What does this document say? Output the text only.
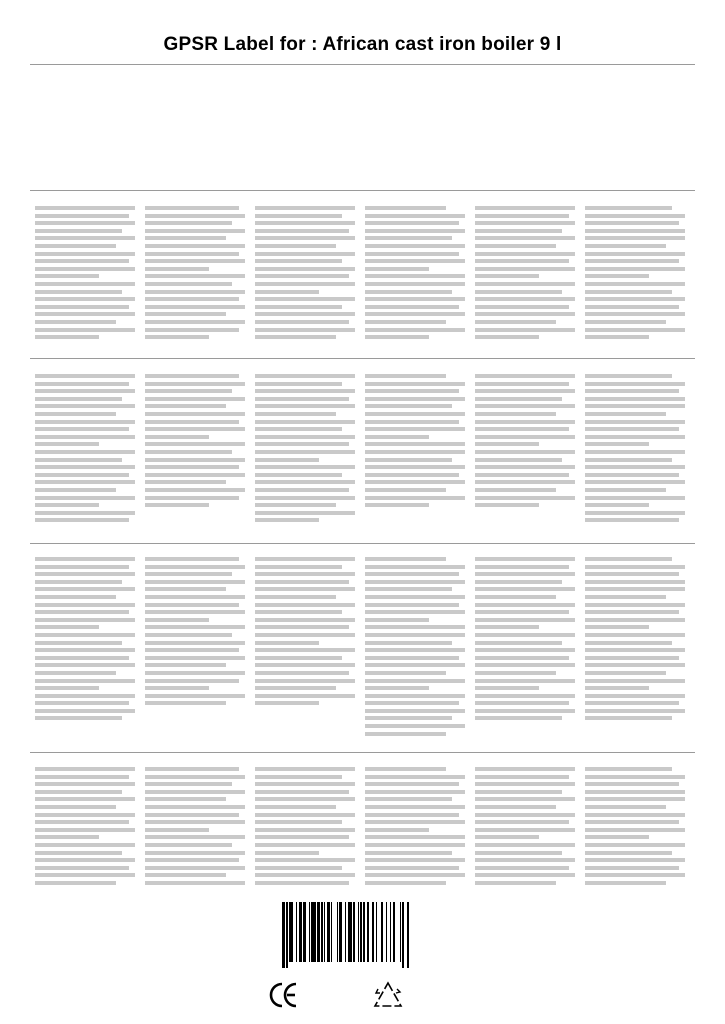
GPSR Label for : African cast iron boiler 9 l
